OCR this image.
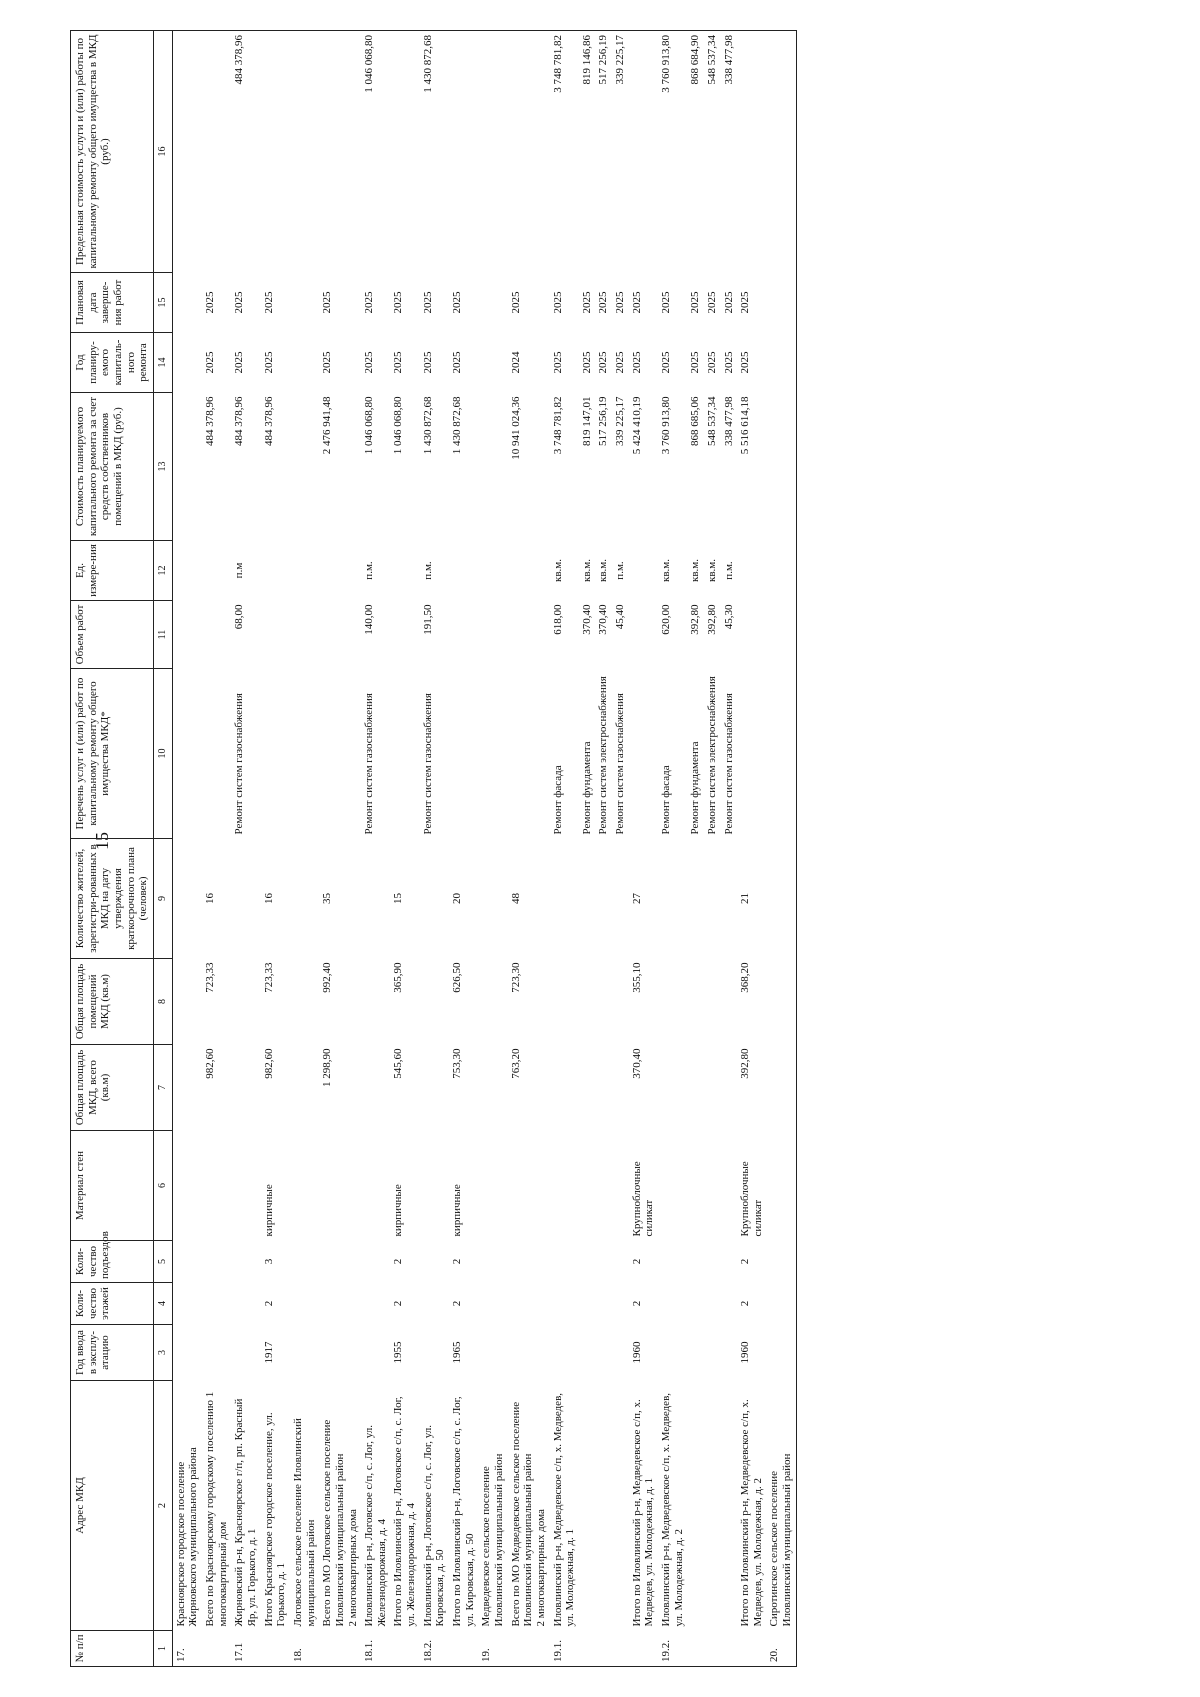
15
№ п/п	Адрес МКД	Год ввода в эксплу-атацию	Коли-чество этажей	Коли-чество подъездов	Материал стен	Общая площадь МКД, всего (кв.м)	Общая площадь помещений МКД (кв.м)	Количество жителей, зарегистри-рованных в МКД на дату утверждения краткосрочного плана (человек)	Перечень услуг и (или) работ по капитальному ремонту общего имущества МКД*	Объем работ	Ед. измере-ния	Стоимость планируемого капитального ремонта за счет средств собственников помещений в МКД (руб.)	Год планиру-емого капиталь-ного ремонта	Плановая дата заверше-ния работ	Предельная стоимость услуги и (или) работы по капитальному ремонту общего имущества в МКД (руб.)
1	2	3	4	5	6	7	8	9	10	11	12	13	14	15	16
17.	Красноярское городское поселение
Жирновского муниципального района														
	Всего по Красноярскому городскому поселению 1 многоквартирный дом					982,60	723,33	16				484 378,96	2025	2025	
17.1	Жирновский р-н, Красноярское г/п, рп. Красный Яр, ул. Горького, д. 1								Ремонт систем газоснабжения	68,00	п.м	484 378,96	2025	2025	484 378,96
	Итого Красноярское городское поселение, ул. Горького, д. 1	1917	2	3	кирпичные	982,60	723,33	16				484 378,96	2025	2025	
18.	Логовское сельское поселение Иловлинский муниципальный район														
	Всего по МО Логовское сельское поселение Иловлинский муниципальный район
2 многоквартирных дома					1 298,90	992,40	35				2 476 941,48	2025	2025	
18.1.	Иловлинский р-н, Логовское с/п, с. Лог, ул. Железнодорожная, д. 4								Ремонт систем газоснабжения	140,00	п.м.	1 046 068,80	2025	2025	1 046 068,80
	Итого по Иловлинский р-н, Логовское с/п, с. Лог, ул. Железнодорожная, д. 4	1955	2	2	кирпичные	545,60	365,90	15				1 046 068,80	2025	2025	
18.2.	Иловлинский р-н, Логовское с/п, с. Лог, ул. Кировская, д. 50								Ремонт систем газоснабжения	191,50	п.м.	1 430 872,68	2025	2025	1 430 872,68
	Итого по Иловлинский р-н, Логовское с/п, с. Лог, ул. Кировская, д. 50	1965	2	2	кирпичные	753,30	626,50	20				1 430 872,68	2025	2025	
19.	Медведевское сельское поселение
Иловлинский муниципальный район														
	Всего по МО Медведевское сельское поселение Иловлинский муниципальный район
2 многоквартирных дома					763,20	723,30	48				10 941 024,36	2024	2025	
19.1.	Иловлинский р-н, Медведевское с/п, х. Медведев, ул. Молодежная, д. 1								Ремонт фасада	618,00	кв.м.	3 748 781,82	2025	2025	3 748 781,82
									Ремонт фундамента	370,40	кв.м.	819 147,01	2025	2025	819 146,86
									Ремонт систем электроснабжения	370,40	кв.м.	517 256,19	2025	2025	517 256,19
									Ремонт систем газоснабжения	45,40	п.м.	339 225,17	2025	2025	339 225,17
	Итого по Иловлинский р-н, Медведевское с/п, х. Медведев, ул. Молодежная, д. 1	1960	2	2	Крупноблочные силикат	370,40	355,10	27				5 424 410,19	2025	2025	
19.2.	Иловлинский р-н, Медведевское с/п, х. Медведев, ул. Молодежная, д. 2								Ремонт фасада	620,00	кв.м.	3 760 913,80	2025	2025	3 760 913,80
									Ремонт фундамента	392,80	кв.м.	868 685,06	2025	2025	868 684,90
									Ремонт систем электроснабжения	392,80	кв.м.	548 537,34	2025	2025	548 537,34
									Ремонт систем газоснабжения	45,30	п.м.	338 477,98	2025	2025	338 477,98
	Итого по Иловлинский р-н, Медведевское с/п, х. Медведев, ул. Молодежная, д. 2	1960	2	2	Крупноблочные силикат	392,80	368,20	21				5 516 614,18	2025	2025	
20.	Сиротинское сельское поселение
Иловлинский муниципальный район														
